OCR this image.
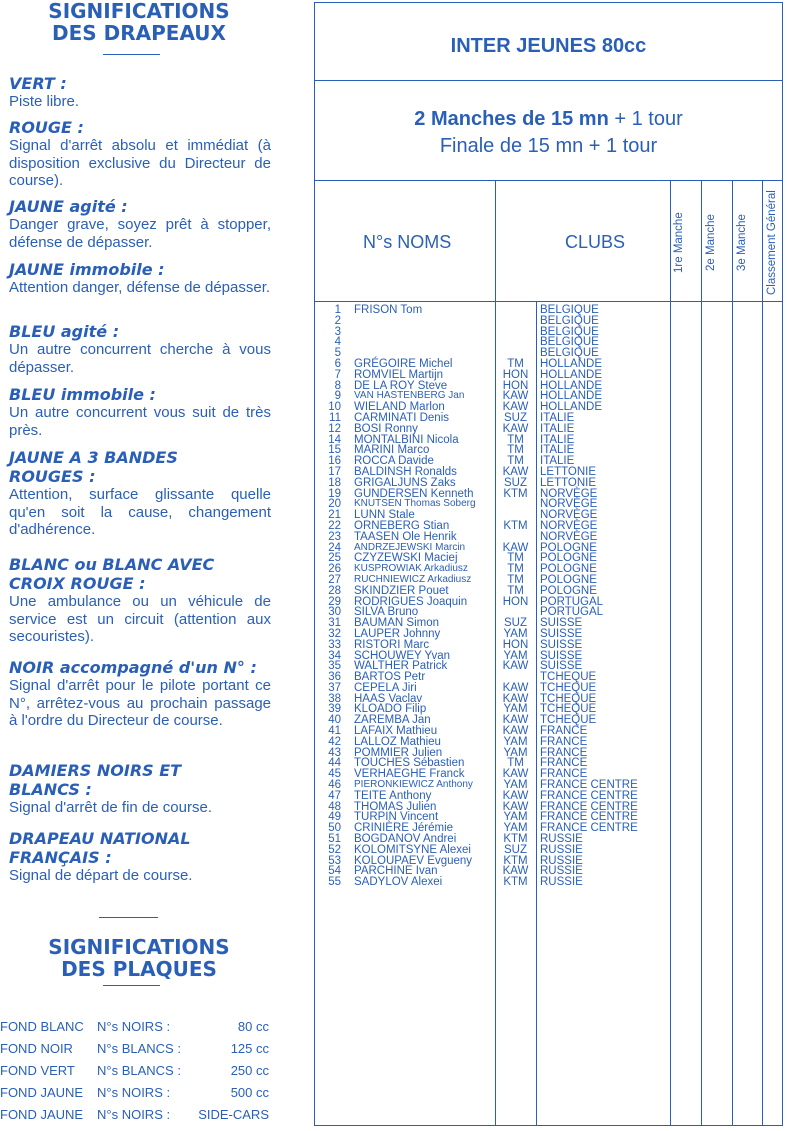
SIGNIFICATIONS
DES DRAPEAUX
VERT :
Piste libre.
ROUGE :
Signal d'arrêt absolu et immédiat (à disposition exclusive du Directeur de course).
JAUNE agité :
Danger grave, soyez prêt à stopper, défense de dépasser.
JAUNE immobile :
Attention danger, défense de dépasser.
BLEU agité :
Un autre concurrent cherche à vous dépasser.
BLEU immobile :
Un autre concurrent vous suit de très près.
JAUNE A 3 BANDES
ROUGES :
Attention, surface glissante quelle qu'en soit la cause, changement d'adhérence.
BLANC ou BLANC AVEC
CROIX ROUGE :
Une ambulance ou un véhicule de service est un circuit (attention aux secouristes).
NOIR accompagné d'un N° :
Signal d'arrêt pour le pilote portant ce N°, arrêtez-vous au prochain passage à l'ordre du Directeur de course.
DAMIERS NOIRS ET
BLANCS :
Signal d'arrêt de fin de course.
DRAPEAU NATIONAL
FRANÇAIS :
Signal de départ de course.
SIGNIFICATIONS
DES PLAQUES
FOND BLANC N°s NOIRS :	80 cc
FOND NOIR N°s BLANCS :	125 cc
FOND VERT N°s BLANCS :	250 cc
FOND JAUNE N°s NOIRS :	500 cc
FOND JAUNE N°s NOIRS : SIDE-CARS
INTER JEUNES 80cc
2 Manches de 15 mn + 1 tour
Finale de 15 mn + 1 tour
N°s NOMS	CLUBS	1re Manche	2e Manche	3e Manche	Classement Général
1 FRISON Tom	BELGIQUE
2	BELGIQUE
3	BELGIQUE
4	BELGIQUE
5	BELGIQUE
6 GRÉGOIRE Michel	TM	HOLLANDE
7 ROMVIEL Martijn	HON	HOLLANDE
8 DE LA ROY Steve	HON	HOLLANDE
9 VAN HASTENBERG Jan	KAW	HOLLANDE
10 WIELAND Marlon	KAW	HOLLANDE
11 CARMINATI Denis	SUZ	ITALIE
12 BOSI Ronny	KAW	ITALIE
14 MONTALBINI Nicola	TM	ITALIE
15 MARINI Marco	TM	ITALIE
16 ROCCA Davide	TM	ITALIE
17 BALDINSH Ronalds	KAW	LETTONIE
18 GRIGALJUNS Zaks	SUZ	LETTONIE
19 GUNDERSEN Kenneth	KTM	NORVÈGE
20 KNUTSEN Thomas Soberg	NORVÈGE
21 LUNN Stale	NORVÈGE
22 ORNEBERG Stian	KTM	NORVÈGE
23 TAASEN Ole Henrik	NORVÈGE
24 ANDRZEJEWSKI Marcin	KAW	POLOGNE
25 CZYZEWSKI Maciej	TM	POLOGNE
26 KUSPROWIAK Arkadiusz	TM	POLOGNE
27 RUCHNIEWICZ Arkadiusz	TM	POLOGNE
28 SKINDZIER Pouet	TM	POLOGNE
29 RODRIGUES Joaquin	HON	PORTUGAL
30 SILVA Bruno	PORTUGAL
31 BAUMAN Simon	SUZ	SUISSE
32 LAUPER Johnny	YAM	SUISSE
33 RISTORI Marc	HON	SUISSE
34 SCHOUWEY Yvan	YAM	SUISSE
35 WALTHER Patrick	KAW	SUISSE
36 BARTOS Petr	TCHEQUE
37 CEPELA Jiri	KAW	TCHEQUE
38 HAAS Vaclav	KAW	TCHEQUE
39 KLOADO Filip	YAM	TCHEQUE
40 ZAREMBA Jan	KAW	TCHEQUE
41 LAFAIX Mathieu	KAW	FRANCE
42 LALLOZ Mathieu	YAM	FRANCE
43 POMMIER Julien	YAM	FRANCE
44 TOUCHES Sébastien	TM	FRANCE
45 VERHAEGHE Franck	KAW	FRANCE
46 PIERONKIEWICZ Anthony	YAM	FRANCE CENTRE
47 TEITE Anthony	KAW	FRANCE CENTRE
48 THOMAS Julien	KAW	FRANCE CENTRE
49 TURPIN Vincent	YAM	FRANCE CENTRE
50 CRINIÈRE Jérémie	YAM	FRANCE CENTRE
51 BOGDANOV Andrei	KTM	RUSSIE
52 KOLOMITSYNE Alexei	SUZ	RUSSIE
53 KOLOUPAEV Evgueny	KTM	RUSSIE
54 PARCHINE Ivan	KAW	RUSSIE
55 SADYLOV Alexei	KTM	RUSSIE
